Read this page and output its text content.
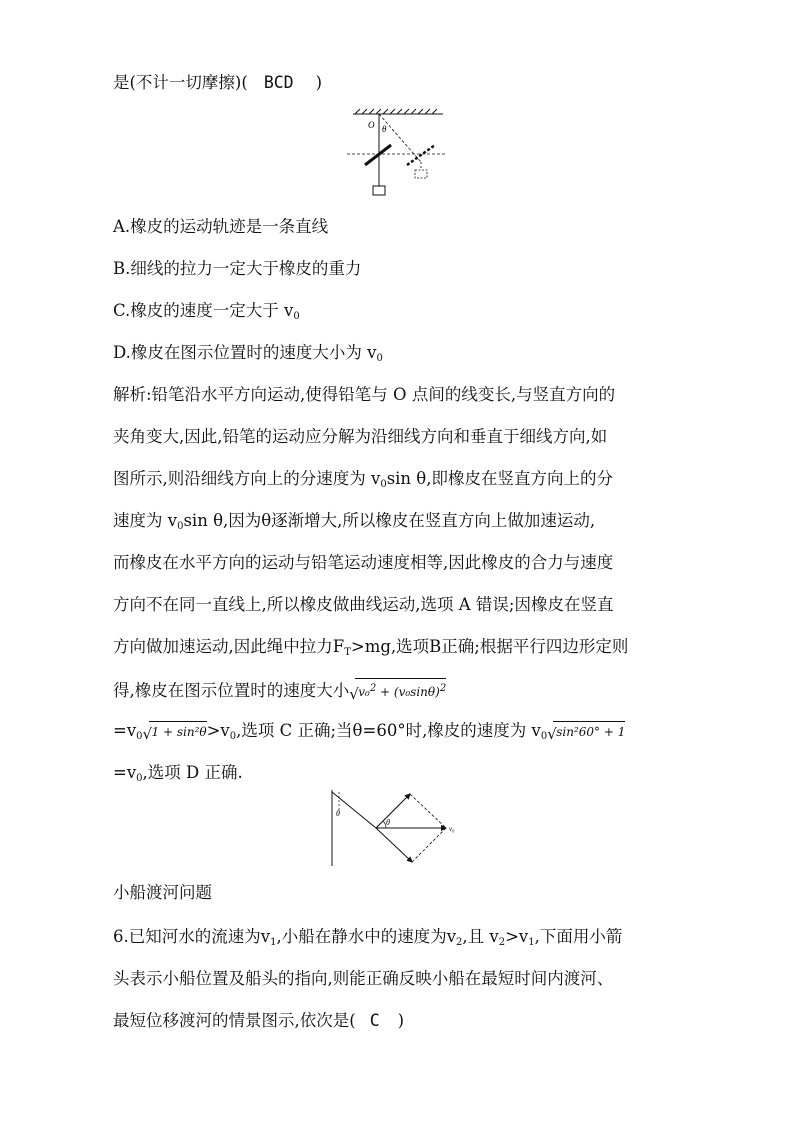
是(不计一切摩擦)( BCD )
O θ
A.橡皮的运动轨迹是一条直线
B.细线的拉力一定大于橡皮的重力
C.橡皮的速度一定大于 $v_0$
D.橡皮在图示位置时的速度大小为 $v_0$
解析:铅笔沿水平方向运动,使得铅笔与 O 点间的线变长,与竖直方向的
夹角变大,因此,铅笔的运动应分解为沿细线方向和垂直于细线方向,如
图所示,则沿细线方向上的分速度为 $v_0\sin$ θ,即橡皮在竖直方向上的分
速度为 $v_0\sin$ θ,因为θ逐渐增大,所以橡皮在竖直方向上做加速运动,
而橡皮在水平方向的运动与铅笔运动速度相等,因此橡皮的合力与速度
方向不在同一直线上,所以橡皮做曲线运动,选项 A 错误;因橡皮在竖直
方向做加速运动,因此绳中拉力$F_T>mg$,选项B正确;根据平行四边形定则
得,橡皮在图示位置时的速度大小 √ $v_0^2 + (v_0\sin\theta)^2$
$=v_0$ √ $1 + \sin^2\theta>v_0$,选项 C 正确;当θ=60°时,橡皮的速度为 $v_0$ √ sin²60° + 1
$=v_0$,选项 D 正确.
θ
θ
v₀
小船渡河问题
6.已知河水的流速为$v_1$,小船在静水中的速度为$v_2$,且 $v_2>v_1$,下面用小箭
头表示小船位置及船头的指向,则能正确反映小船在最短时间内渡河、
最短位移渡河的情景图示,依次是( C )
